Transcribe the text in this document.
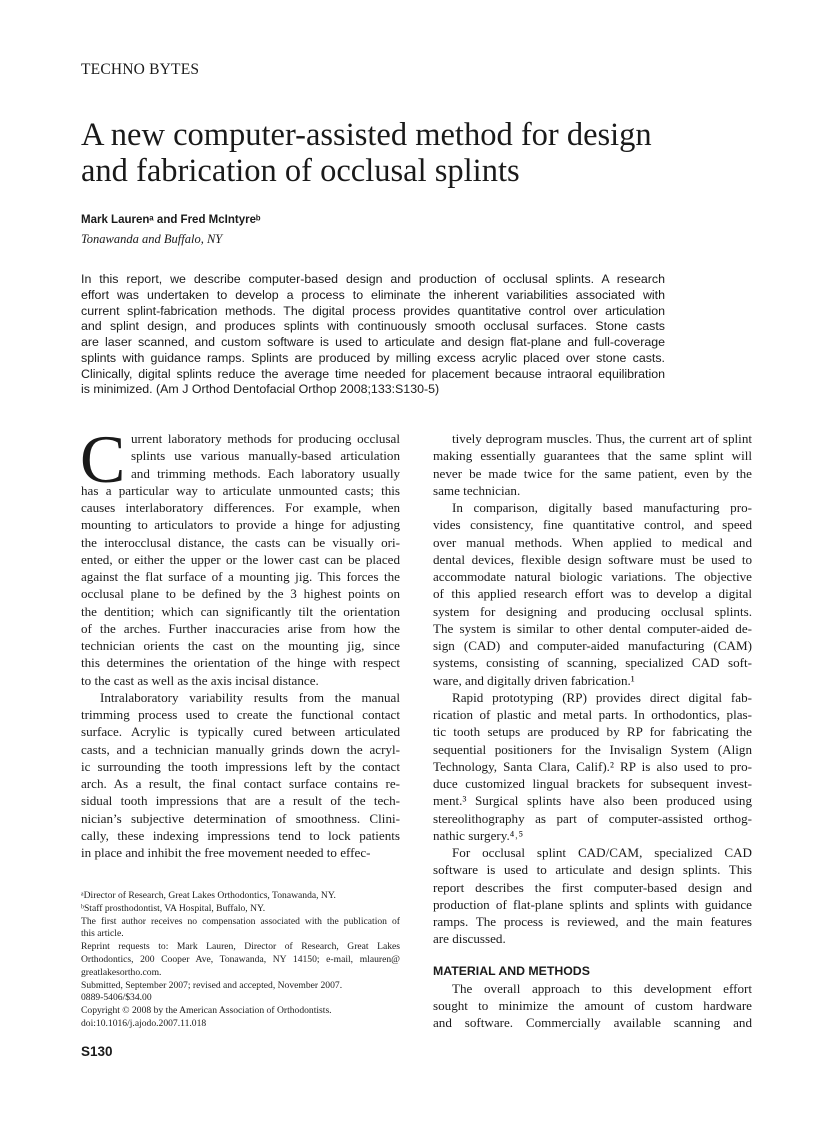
TECHNO BYTES
A new computer-assisted method for design
and fabrication of occlusal splints
Mark Laurenᵃ and Fred McIntyreᵇ
Tonawanda and Buffalo, NY
In this report, we describe computer-based design and production of occlusal splints. A research
effort was undertaken to develop a process to eliminate the inherent variabilities associated with
current splint-fabrication methods. The digital process provides quantitative control over articulation
and splint design, and produces splints with continuously smooth occlusal surfaces. Stone casts
are laser scanned, and custom software is used to articulate and design flat-plane and full-coverage
splints with guidance ramps. Splints are produced by milling excess acrylic placed over stone casts.
Clinically, digital splints reduce the average time needed for placement because intraoral equilibration
is minimized. (Am J Orthod Dentofacial Orthop 2008;133:S130-5)
C urrent laboratory methods for producing occlusal
splints use various manually-based articulation
and trimming methods. Each laboratory usually
has a particular way to articulate unmounted casts; this
causes interlaboratory differences. For example, when
mounting to articulators to provide a hinge for adjusting
the interocclusal distance, the casts can be visually ori-
ented, or either the upper or the lower cast can be placed
against the flat surface of a mounting jig. This forces the
occlusal plane to be defined by the 3 highest points on
the dentition; which can significantly tilt the orientation
of the arches. Further inaccuracies arise from how the
technician orients the cast on the mounting jig, since
this determines the orientation of the hinge with respect
to the cast as well as the axis incisal distance.
Intralaboratory variability results from the manual
trimming process used to create the functional contact
surface. Acrylic is typically cured between articulated
casts, and a technician manually grinds down the acryl-
ic surrounding the tooth impressions left by the contact
arch. As a result, the final contact surface contains re-
sidual tooth impressions that are a result of the tech-
nician’s subjective determination of smoothness. Clini-
cally, these indexing impressions tend to lock patients
in place and inhibit the free movement needed to effec-
tively deprogram muscles. Thus, the current art of splint
making essentially guarantees that the same splint will
never be made twice for the same patient, even by the
same technician.
In comparison, digitally based manufacturing pro-
vides consistency, fine quantitative control, and speed
over manual methods. When applied to medical and
dental devices, flexible design software must be used to
accommodate natural biologic variations. The objective
of this applied research effort was to develop a digital
system for designing and producing occlusal splints.
The system is similar to other dental computer-aided de-
sign (CAD) and computer-aided manufacturing (CAM)
systems, consisting of scanning, specialized CAD soft-
ware, and digitally driven fabrication.¹
Rapid prototyping (RP) provides direct digital fab-
rication of plastic and metal parts. In orthodontics, plas-
tic tooth setups are produced by RP for fabricating the
sequential positioners for the Invisalign System (Align
Technology, Santa Clara, Calif).² RP is also used to pro-
duce customized lingual brackets for subsequent invest-
ment.³ Surgical splints have also been produced using
stereolithography as part of computer-assisted orthog-
nathic surgery.⁴˒⁵
For occlusal splint CAD/CAM, specialized CAD
software is used to articulate and design splints. This
report describes the first computer-based design and
production of flat-plane splints and splints with guidance
ramps. The process is reviewed, and the main features
are discussed.
MATERIAL AND METHODS
The overall approach to this development effort
sought to minimize the amount of custom hardware
and software. Commercially available scanning and
ᵃDirector of Research, Great Lakes Orthodontics, Tonawanda, NY.
ᵇStaff prosthodontist, VA Hospital, Buffalo, NY.
The first author receives no compensation associated with the publication of
this article.
Reprint requests to: Mark Lauren, Director of Research, Great Lakes
Orthodontics, 200 Cooper Ave, Tonawanda, NY 14150; e-mail, mlauren@
greatlakesortho.com.
Submitted, September 2007; revised and accepted, November 2007.
0889-5406/$34.00
Copyright © 2008 by the American Association of Orthodontists.
doi:10.1016/j.ajodo.2007.11.018
S130
